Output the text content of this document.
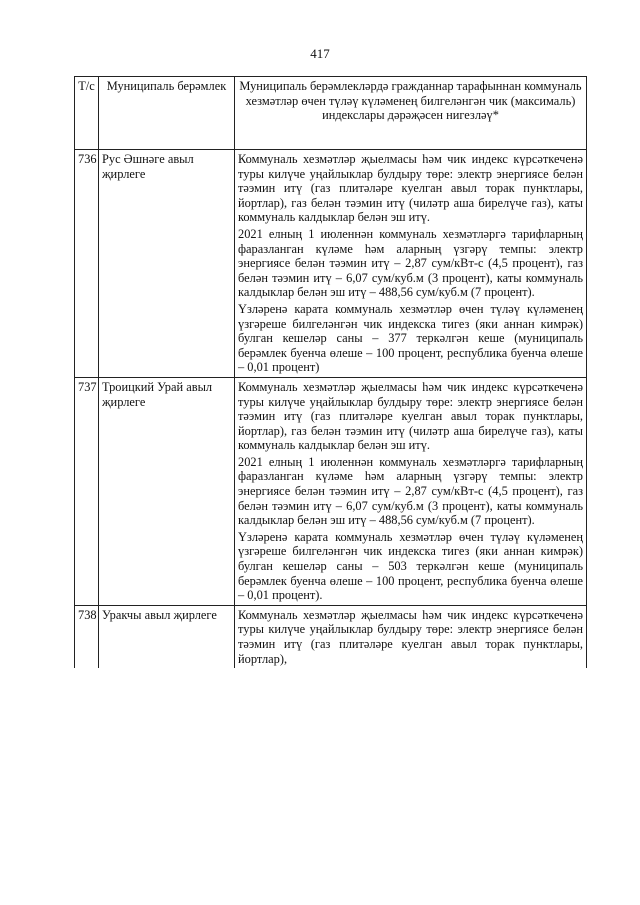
417
Т/с	Муниципаль берәмлек	Муниципаль берәмлекләрдә гражданнар тарафыннан коммуналь хезмәтләр өчен түләү күләменең билгеләнгән чик (максималь) индекслары дәрәҗәсен нигезләү*
736	Рус Әшнәге авыл җирлеге	Коммуналь хезмәтләр җыелмасы һәм чик индекс күрсәткеченә туры килүче уңайлыклар булдыру төре: электр энергиясе белән тәэмин итү (газ плитәләре куелган авыл торак пунктлары, йортлар), газ белән тәэмин итү (чиләтр аша бирелүче газ), каты коммуналь калдыклар белән эш итү.

2021 елның 1 июленнән коммуналь хезмәтләргә тарифларның фаразланган күләме һәм аларның үзгәрү темпы: электр энергиясе белән тәэмин итү – 2,87 сум/кВт-с (4,5 процент), газ белән тәэмин итү – 6,07 сум/куб.м (3 процент), каты коммуналь калдыклар белән эш итү – 488,56 сум/куб.м (7 процент).

Үзләренә карата коммуналь хезмәтләр өчен түләү күләменең үзгәреше билгеләнгән чик индекска тигез (яки аннан кимрәк) булган кешеләр саны – 377 теркәлгән кеше (муниципаль берәмлек буенча өлеше – 100 процент, республика буенча өлеше – 0,01 процент)

737	Троицкий Урай авыл җирлеге	Коммуналь хезмәтләр җыелмасы һәм чик индекс күрсәткеченә туры килүче уңайлыклар булдыру төре: электр энергиясе белән тәэмин итү (газ плитәләре куелган авыл торак пунктлары, йортлар), газ белән тәэмин итү (чиләтр аша бирелүче газ), каты коммуналь калдыклар белән эш итү.

2021 елның 1 июленнән коммуналь хезмәтләргә тарифларның фаразланган күләме һәм аларның үзгәрү темпы: электр энергиясе белән тәэмин итү – 2,87 сум/кВт-с (4,5 процент), газ белән тәэмин итү – 6,07 сум/куб.м (3 процент), каты коммуналь калдыклар белән эш итү – 488,56 сум/куб.м (7 процент).

Үзләренә карата коммуналь хезмәтләр өчен түләү күләменең үзгәреше билгеләнгән чик индекска тигез (яки аннан кимрәк) булган кешеләр саны – 503 теркәлгән кеше (муниципаль берәмлек буенча өлеше – 100 процент, республика буенча өлеше – 0,01 процент).

738	Уракчы авыл җирлеге	Коммуналь хезмәтләр җыелмасы һәм чик индекс күрсәткеченә туры килүче уңайлыклар булдыру төре: электр энергиясе белән тәэмин итү (газ плитәләре куелган авыл торак пунктлары, йортлар),
